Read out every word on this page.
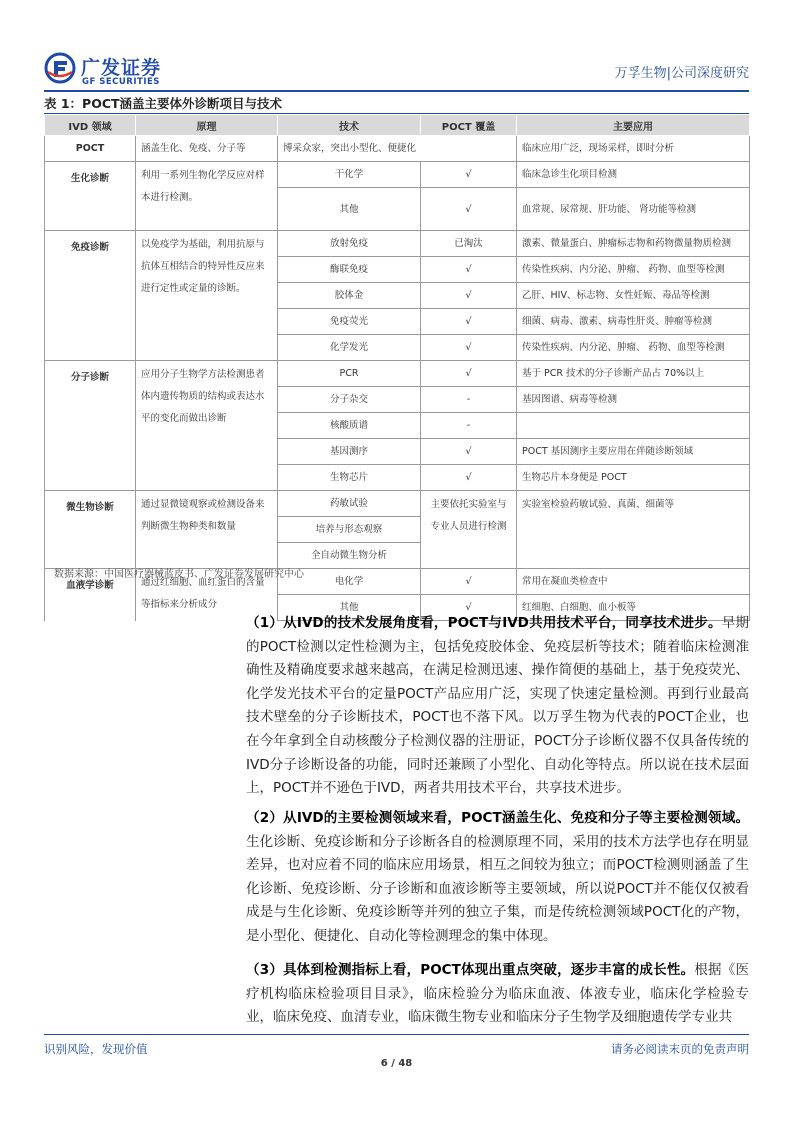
广发证券
GF SECURITIES
万孚生物|公司深度研究
表 1：POCT涵盖主要体外诊断项目与技术
IVD 领域	原理	技术	POCT 覆盖	主要应用
POCT	涵盖生化、免疫、分子等	博采众家，突出小型化、便捷化		临床应用广泛，现场采样，即时分析
生化诊断	利用一系列生物化学反应对样本进行检测。	干化学	√	临床急诊生化项目检测
		其他	√	血常规、尿常规、肝功能、 肾功能等检测
免疫诊断	以免疫学为基础，利用抗原与抗体互相结合的特异性反应来进行定性或定量的诊断。	放射免疫	已淘汰	激素、微量蛋白、肿瘤标志物和药物微量物质检测
		酶联免疫	√	传染性疾病、内分泌、肿瘤、 药物、血型等检测
		胶体金	√	乙肝、HIV、标志物、女性妊娠、毒品等检测
		免疫荧光	√	细菌、病毒、激素、病毒性肝炎、肿瘤等检测
		化学发光	√	传染性疾病、内分泌、肿瘤、 药物、血型等检测
分子诊断	应用分子生物学方法检测患者体内遗传物质的结构或表达水平的变化而做出诊断	PCR	√	基于 PCR 技术的分子诊断产品占 70%以上
		分子杂交	-	基因图谱、病毒等检测
		核酸质谱	-	
		基因测序	√	POCT 基因测序主要应用在伴随诊断领域
		生物芯片	√	生物芯片本身便是 POCT
微生物诊断	通过显微镜观察或检测设备来判断微生物种类和数量	药敏试验	主要依托实验室与专业人员进行检测	实验室检验药敏试验、真菌、细菌等
		培养与形态观察		
		全自动微生物分析		
血液学诊断	通过红细胞、血红蛋白的含量等指标来分析成分	电化学	√	常用在凝血类检查中
		其他	√	红细胞、白细胞、血小板等
数据来源：中国医疗器械蓝皮书、广发证券发展研究中心
（1）从IVD的技术发展角度看，POCT与IVD共用技术平台，同享技术进步。早期的POCT检测以定性检测为主，包括免疫胶体金、免疫层析等技术；随着临床检测准确性及精确度要求越来越高，在满足检测迅速、操作简便的基础上，基于免疫荧光、化学发光技术平台的定量POCT产品应用广泛，实现了快速定量检测。再到行业最高技术壁垒的分子诊断技术，POCT也不落下风。以万孚生物为代表的POCT企业，也在今年拿到全自动核酸分子检测仪器的注册证，POCT分子诊断仪器不仅具备传统的IVD分子诊断设备的功能，同时还兼顾了小型化、自动化等特点。所以说在技术层面上，POCT并不逊色于IVD，两者共用技术平台，共享技术进步。
（2）从IVD的主要检测领域来看，POCT涵盖生化、免疫和分子等主要检测领域。生化诊断、免疫诊断和分子诊断各自的检测原理不同，采用的技术方法学也存在明显差异，也对应着不同的临床应用场景，相互之间较为独立；而POCT检测则涵盖了生化诊断、免疫诊断、分子诊断和血液诊断等主要领域，所以说POCT并不能仅仅被看成是与生化诊断、免疫诊断等并列的独立子集，而是传统检测领域POCT化的产物，是小型化、便捷化、自动化等检测理念的集中体现。
（3）具体到检测指标上看，POCT体现出重点突破，逐步丰富的成长性。根据《医疗机构临床检验项目目录》，临床检验分为临床血液、体液专业，临床化学检验专业，临床免疫、血清专业，临床微生物专业和临床分子生物学及细胞遗传学专业共
识别风险，发现价值	请务必阅读末页的免责声明
6 / 48
